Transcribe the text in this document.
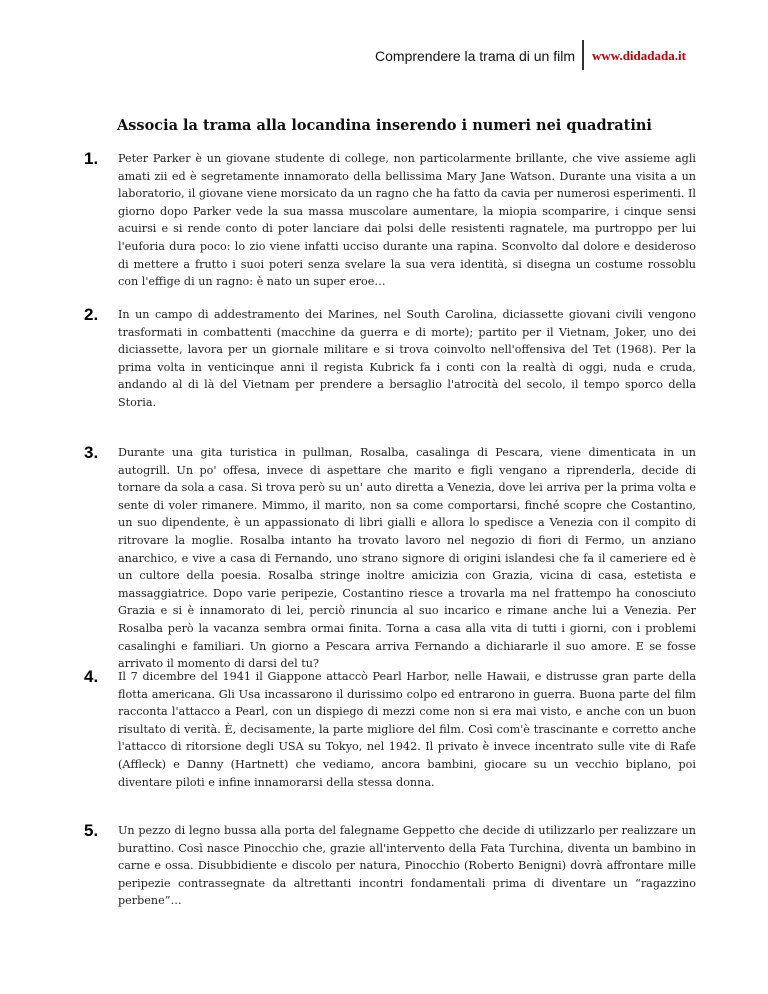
Comprendere la trama di un film www.didadada.it
Associa la trama alla locandina inserendo i numeri nei quadratini
1. Peter Parker è un giovane studente di college, non particolarmente brillante, che vive assieme agli amati zii ed è segretamente innamorato della bellissima Mary Jane Watson. Durante una visita a un laboratorio, il giovane viene morsicato da un ragno che ha fatto da cavia per numerosi esperimenti. Il giorno dopo Parker vede la sua massa muscolare aumentare, la miopia scomparire, i cinque sensi acuirsi e si rende conto di poter lanciare dai polsi delle resistenti ragnatele, ma purtroppo per lui l'euforia dura poco: lo zio viene infatti ucciso durante una rapina. Sconvolto dal dolore e desideroso di mettere a frutto i suoi poteri senza svelare la sua vera identità, si disegna un costume rossoblu con l'effige di un ragno: è nato un super eroe…
2. In un campo di addestramento dei Marines, nel South Carolina, diciassette giovani civili vengono trasformati in combattenti (macchine da guerra e di morte); partito per il Vietnam, Joker, uno dei diciassette, lavora per un giornale militare e si trova coinvolto nell'offensiva del Tet (1968). Per la prima volta in venticinque anni il regista Kubrick fa i conti con la realtà di oggi, nuda e cruda, andando al di là del Vietnam per prendere a bersaglio l'atrocità del secolo, il tempo sporco della Storia.
3. Durante una gita turistica in pullman, Rosalba, casalinga di Pescara, viene dimenticata in un autogrill. Un po' offesa, invece di aspettare che marito e figli vengano a riprenderla, decide di tornare da sola a casa. Si trova però su un' auto diretta a Venezia, dove lei arriva per la prima volta e sente di voler rimanere. Mimmo, il marito, non sa come comportarsi, finché scopre che Costantino, un suo dipendente, è un appassionato di libri gialli e allora lo spedisce a Venezia con il compito di ritrovare la moglie. Rosalba intanto ha trovato lavoro nel negozio di fiori di Fermo, un anziano anarchico, e vive a casa di Fernando, uno strano signore di origini islandesi che fa il cameriere ed è un cultore della poesia. Rosalba stringe inoltre amicizia con Grazia, vicina di casa, estetista e massaggiatrice. Dopo varie peripezie, Costantino riesce a trovarla ma nel frattempo ha conosciuto Grazia e si è innamorato di lei, perciò rinuncia al suo incarico e rimane anche lui a Venezia. Per Rosalba però la vacanza sembra ormai finita. Torna a casa alla vita di tutti i giorni, con i problemi casalinghi e familiari. Un giorno a Pescara arriva Fernando a dichiararle il suo amore. E se fosse arrivato il momento di darsi del tu?
4. Il 7 dicembre del 1941 il Giappone attaccò Pearl Harbor, nelle Hawaii, e distrusse gran parte della flotta americana. Gli Usa incassarono il durissimo colpo ed entrarono in guerra. Buona parte del film racconta l'attacco a Pearl, con un dispiego di mezzi come non si era mai visto, e anche con un buon risultato di verità. È, decisamente, la parte migliore del film. Così com'è trascinante e corretto anche l'attacco di ritorsione degli USA su Tokyo, nel 1942. Il privato è invece incentrato sulle vite di Rafe (Affleck) e Danny (Hartnett) che vediamo, ancora bambini, giocare su un vecchio biplano, poi diventare piloti e infine innamorarsi della stessa donna.
5. Un pezzo di legno bussa alla porta del falegname Geppetto che decide di utilizzarlo per realizzare un burattino. Così nasce Pinocchio che, grazie all'intervento della Fata Turchina, diventa un bambino in carne e ossa. Disubbidiente e discolo per natura, Pinocchio (Roberto Benigni) dovrà affrontare mille peripezie contrassegnate da altrettanti incontri fondamentali prima di diventare un “ragazzino perbene”…
